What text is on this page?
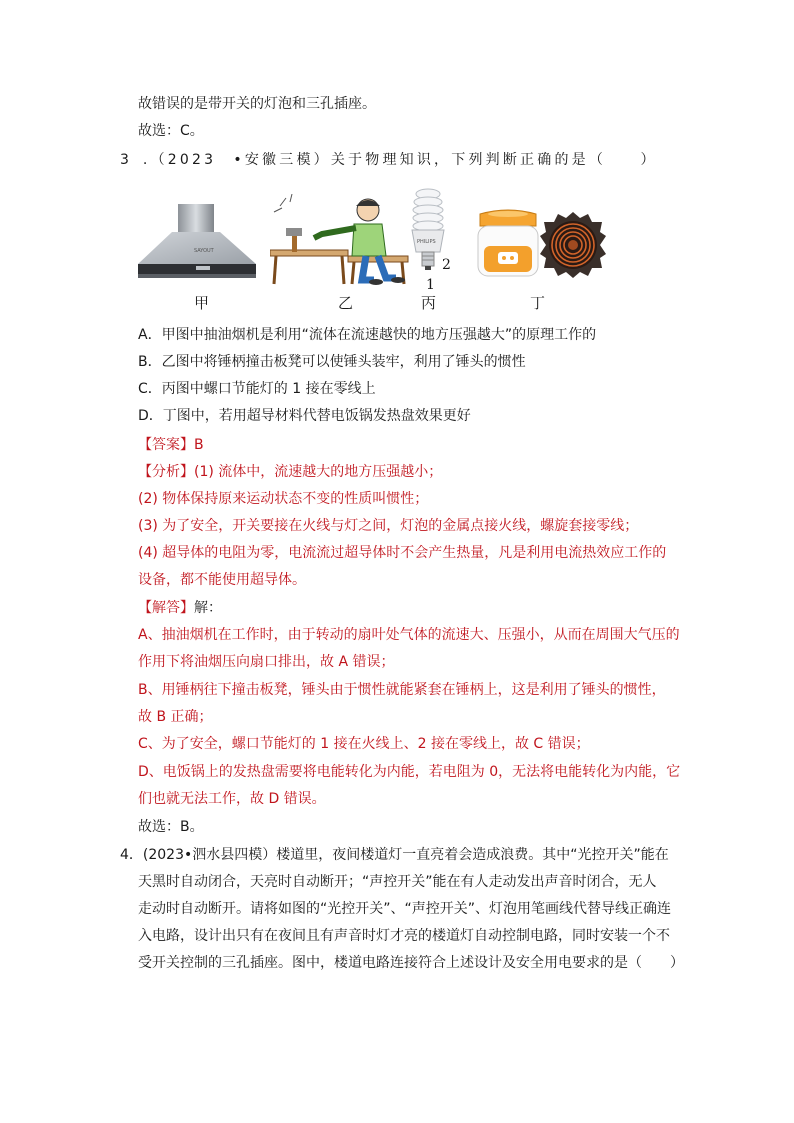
故错误的是带开关的灯泡和三孔插座。
故选：C。
3 .（2023　•安徽三模）关于物理知识，下列判断正确的是（　　）
SAYOUT
甲	乙
PHILIPS
2
1
丙	丁
A．甲图中抽油烟机是利用“流体在流速越快的地方压强越大”的原理工作的
B．乙图中将锤柄撞击板凳可以使锤头装牢，利用了锤头的惯性
C．丙图中螺口节能灯的 1 接在零线上
D．丁图中，若用超导材料代替电饭锅发热盘效果更好
【答案】B
【分析】(1) 流体中，流速越大的地方压强越小；
(2) 物体保持原来运动状态不变的性质叫惯性；
(3) 为了安全，开关要接在火线与灯之间，灯泡的金属点接火线，螺旋套接零线；
(4) 超导体的电阻为零，电流流过超导体时不会产生热量，凡是利用电流热效应工作的
设备，都不能使用超导体。
【解答】解：
A、抽油烟机在工作时，由于转动的扇叶处气体的流速大、压强小，从而在周围大气压的
作用下将油烟压向扇口排出，故 A 错误；
B、用锤柄往下撞击板凳，锤头由于惯性就能紧套在锤柄上，这是利用了锤头的惯性，
故 B 正确；
C、为了安全，螺口节能灯的 1 接在火线上、2 接在零线上，故 C 错误；
D、电饭锅上的发热盘需要将电能转化为内能，若电阻为 0，无法将电能转化为内能，它
们也就无法工作，故 D 错误。
故选：B。
4．(2023•泗水县四模）楼道里，夜间楼道灯一直亮着会造成浪费。其中“光控开关”能在
天黑时自动闭合，天亮时自动断开；“声控开关”能在有人走动发出声音时闭合，无人
走动时自动断开。请将如图的“光控开关”、“声控开关”、灯泡用笔画线代替导线正确连
入电路，设计出只有在夜间且有声音时灯才亮的楼道灯自动控制电路，同时安装一个不
受开关控制的三孔插座。图中，楼道电路连接符合上述设计及安全用电要求的是（　　）
